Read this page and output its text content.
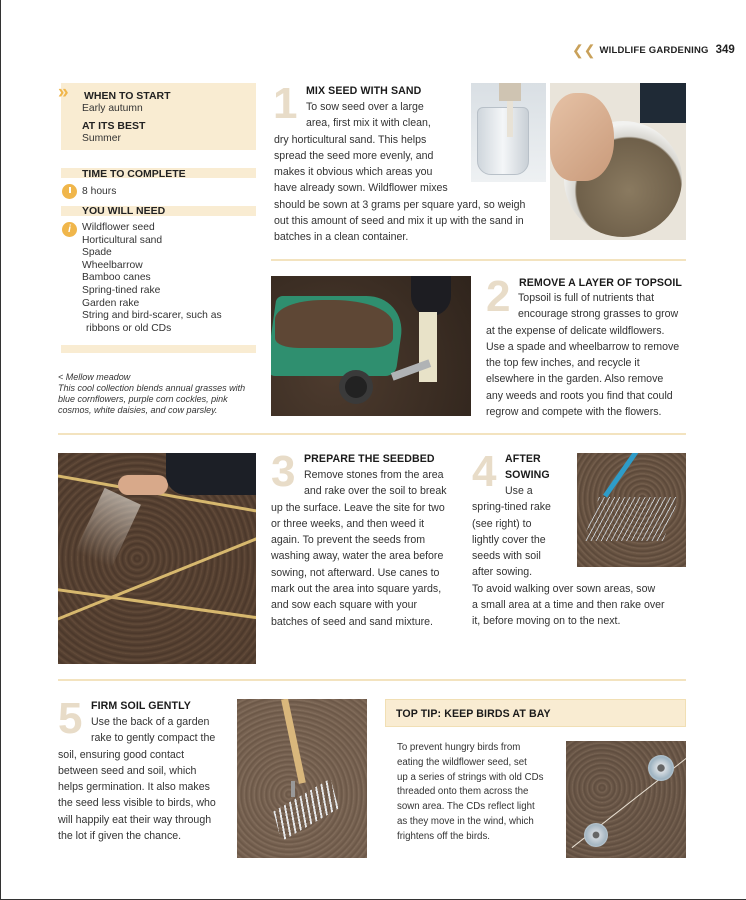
❮❮ WILDLIFE GARDENING 349
» WHEN TO START
Early autumn
AT ITS BEST
Summer
TIME TO COMPLETE
8 hours
YOU WILL NEED
i	Wildflower seed
Horticultural sand
Spade
Wheelbarrow
Bamboo canes
Spring-tined rake
Garden rake
String and bird-scarer, such as
ribbons or old CDs
< Mellow meadow
This cool collection blends annual grasses with
blue cornflowers, purple corn cockles, pink
cosmos, white daisies, and cow parsley.
1 MIX SEED WITH SAND
To sow seed over a large
area, first mix it with clean,
dry horticultural sand. This helps
spread the seed more evenly, and
makes it obvious which areas you
have already sown. Wildflower mixes
should be sown at 3 grams per square yard, so weigh
out this amount of seed and mix it up with the sand in
batches in a clean container.
2 REMOVE A LAYER OF TOPSOIL
Topsoil is full of nutrients that
encourage strong grasses to grow
at the expense of delicate wildflowers.
Use a spade and wheelbarrow to remove
the top few inches, and recycle it
elsewhere in the garden. Also remove
any weeds and roots you find that could
regrow and compete with the flowers.
3 PREPARE THE SEEDBED
Remove stones from the area
and rake over the soil to break
up the surface. Leave the site for two
or three weeks, and then weed it
again. To prevent the seeds from
washing away, water the area before
sowing, not afterward. Use canes to
mark out the area into square yards,
and sow each square with your
batches of seed and sand mixture.
4 AFTER
SOWING
Use a
spring-tined rake
(see right) to
lightly cover the
seeds with soil
after sowing.
To avoid walking over sown areas, sow
a small area at a time and then rake over
it, before moving on to the next.
5 FIRM SOIL GENTLY
Use the back of a garden
rake to gently compact the
soil, ensuring good contact
between seed and soil, which
helps germination. It also makes
the seed less visible to birds, who
will happily eat their way through
the lot if given the chance.
TOP TIP: KEEP BIRDS AT BAY
To prevent hungry birds from
eating the wildflower seed, set
up a series of strings with old CDs
threaded onto them across the
sown area. The CDs reflect light
as they move in the wind, which
frightens off the birds.
